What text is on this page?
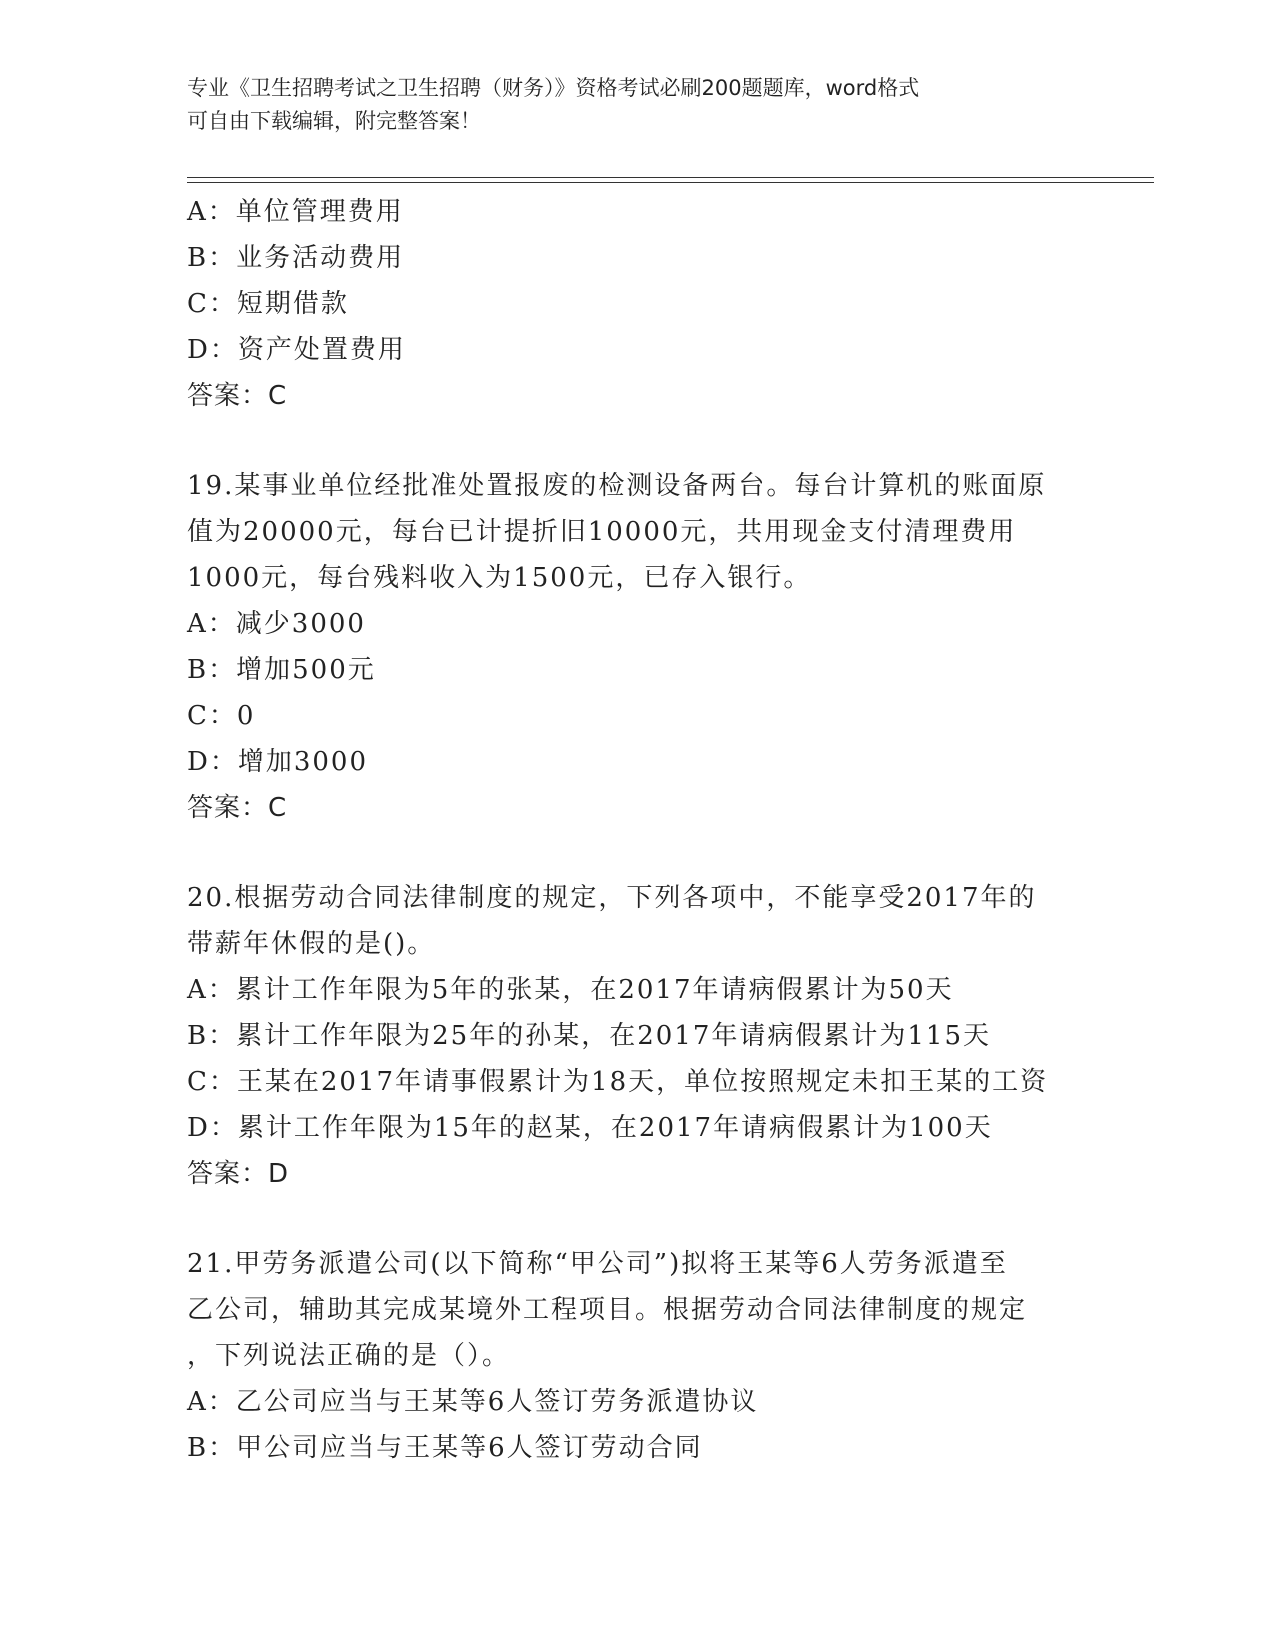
专业《卫生招聘考试之卫生招聘（财务）》资格考试必刷200题题库，word格式
可自由下载编辑，附完整答案！
A：单位管理费用
B：业务活动费用
C：短期借款
D：资产处置费用
答案：C
19.某事业单位经批准处置报废的检测设备两台。每台计算机的账面原
值为20000元，每台已计提折旧10000元，共用现金支付清理费用
1000元，每台残料收入为1500元，已存入银行。
A：减少3000
B：增加500元
C：0
D：增加3000
答案：C
20.根据劳动合同法律制度的规定，下列各项中，不能享受2017年的
带薪年休假的是()。
A：累计工作年限为5年的张某，在2017年请病假累计为50天
B：累计工作年限为25年的孙某，在2017年请病假累计为115天
C：王某在2017年请事假累计为18天，单位按照规定未扣王某的工资
D：累计工作年限为15年的赵某，在2017年请病假累计为100天
答案：D
21.甲劳务派遣公司(以下简称“甲公司”)拟将王某等6人劳务派遣至
乙公司，辅助其完成某境外工程项目。根据劳动合同法律制度的规定
，下列说法正确的是（）。
A：乙公司应当与王某等6人签订劳务派遣协议
B：甲公司应当与王某等6人签订劳动合同
